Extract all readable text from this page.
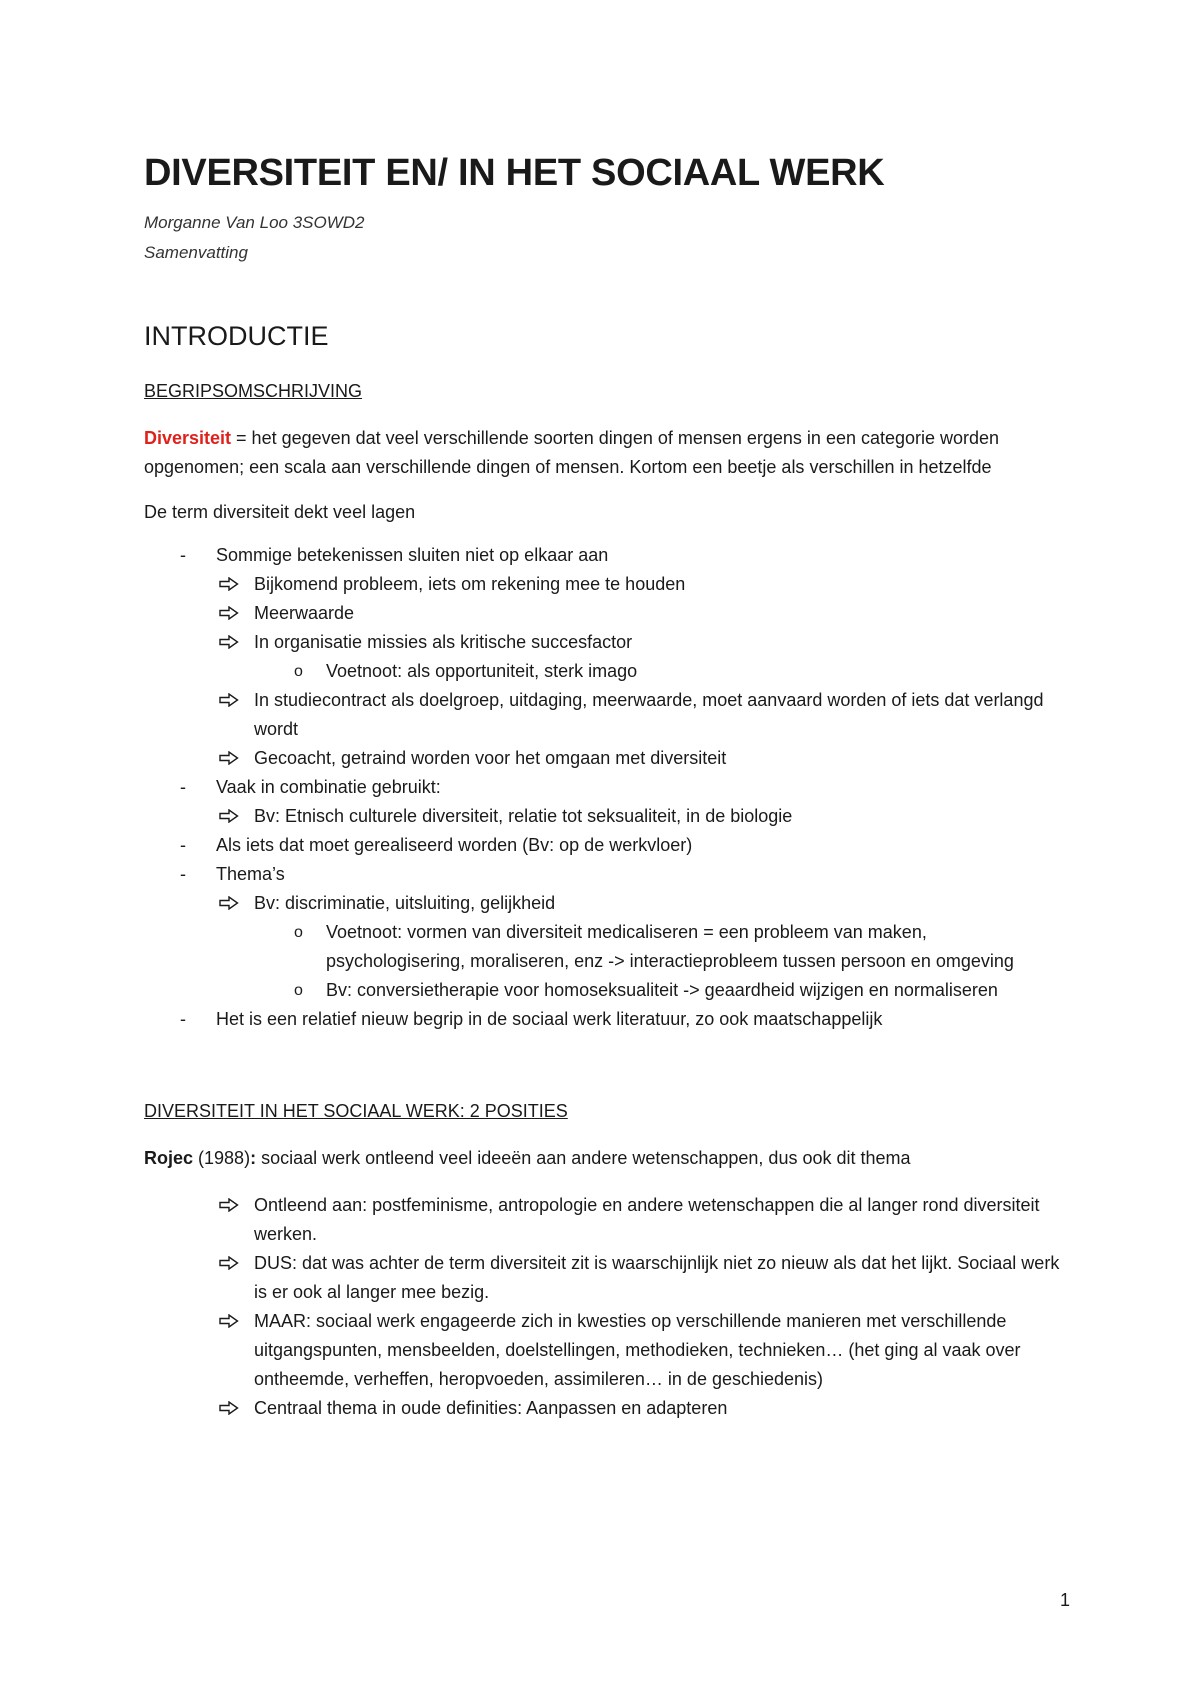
DIVERSITEIT EN/ IN HET SOCIAAL WERK
Morganne Van Loo 3SOWD2
Samenvatting
INTRODUCTIE
BEGRIPSOMSCHRIJVING
Diversiteit = het gegeven dat veel verschillende soorten dingen of mensen ergens in een categorie worden opgenomen; een scala aan verschillende dingen of mensen. Kortom een beetje als verschillen in hetzelfde
De term diversiteit dekt veel lagen
- Sommige betekenissen sluiten niet op elkaar aan
Bijkomend probleem, iets om rekening mee te houden
Meerwaarde
In organisatie missies als kritische succesfactor
o Voetnoot: als opportuniteit, sterk imago
In studiecontract als doelgroep, uitdaging, meerwaarde, moet aanvaard worden of iets dat verlangd wordt
Gecoacht, getraind worden voor het omgaan met diversiteit
- Vaak in combinatie gebruikt:
Bv: Etnisch culturele diversiteit, relatie tot seksualiteit, in de biologie
- Als iets dat moet gerealiseerd worden (Bv: op de werkvloer)
- Thema’s
Bv: discriminatie, uitsluiting, gelijkheid
o Voetnoot: vormen van diversiteit medicaliseren = een probleem van maken, psychologisering, moraliseren, enz -> interactieprobleem tussen persoon en omgeving
o Bv: conversietherapie voor homoseksualiteit -> geaardheid wijzigen en normaliseren
- Het is een relatief nieuw begrip in de sociaal werk literatuur, zo ook maatschappelijk
DIVERSITEIT IN HET SOCIAAL WERK: 2 POSITIES
Rojec (1988): sociaal werk ontleend veel ideeën aan andere wetenschappen, dus ook dit thema
Ontleend aan: postfeminisme, antropologie en andere wetenschappen die al langer rond diversiteit werken.
DUS: dat was achter de term diversiteit zit is waarschijnlijk niet zo nieuw als dat het lijkt. Sociaal werk is er ook al langer mee bezig.
MAAR: sociaal werk engageerde zich in kwesties op verschillende manieren met verschillende uitgangspunten, mensbeelden, doelstellingen, methodieken, technieken… (het ging al vaak over ontheemde, verheffen, heropvoeden, assimileren… in de geschiedenis)
Centraal thema in oude definities: Aanpassen en adapteren
1
